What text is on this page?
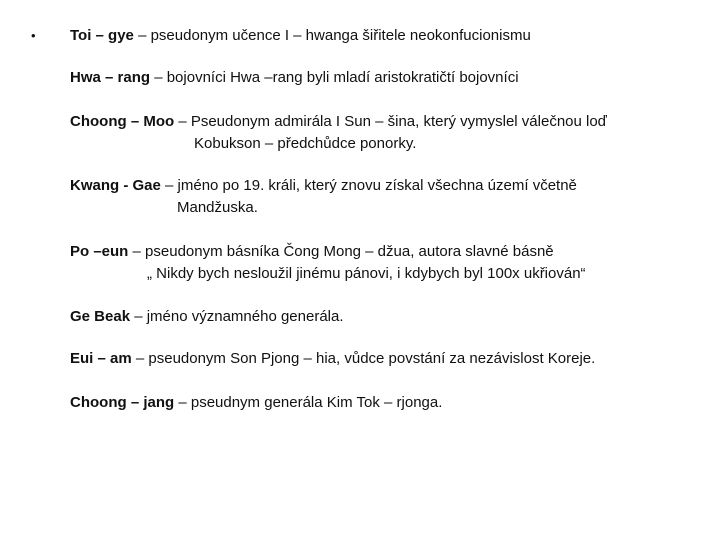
• Toi – gye – pseudonym učence I – hwanga šiřitele neokonfucionismu
Hwa – rang – bojovníci Hwa –rang byli mladí aristokratičtí bojovníci
Choong – Moo – Pseudonym admirála I Sun – šina, který vymyslel válečnou loď
Kobukson – předchůdce ponorky.
Kwang - Gae – jméno po 19. králi, který znovu získal všechna území včetně
Mandžuska.
Po –eun – pseudonym básníka Čong Mong – džua, autora slavné básně
„ Nikdy bych nesloužil jinému pánovi, i kdybych byl 100x ukřiován“
Ge Beak – jméno významného generála.
Eui – am – pseudonym Son Pjong – hia, vůdce povstání za nezávislost Koreje.
Choong – jang – pseudnym generála Kim Tok – rjonga.
